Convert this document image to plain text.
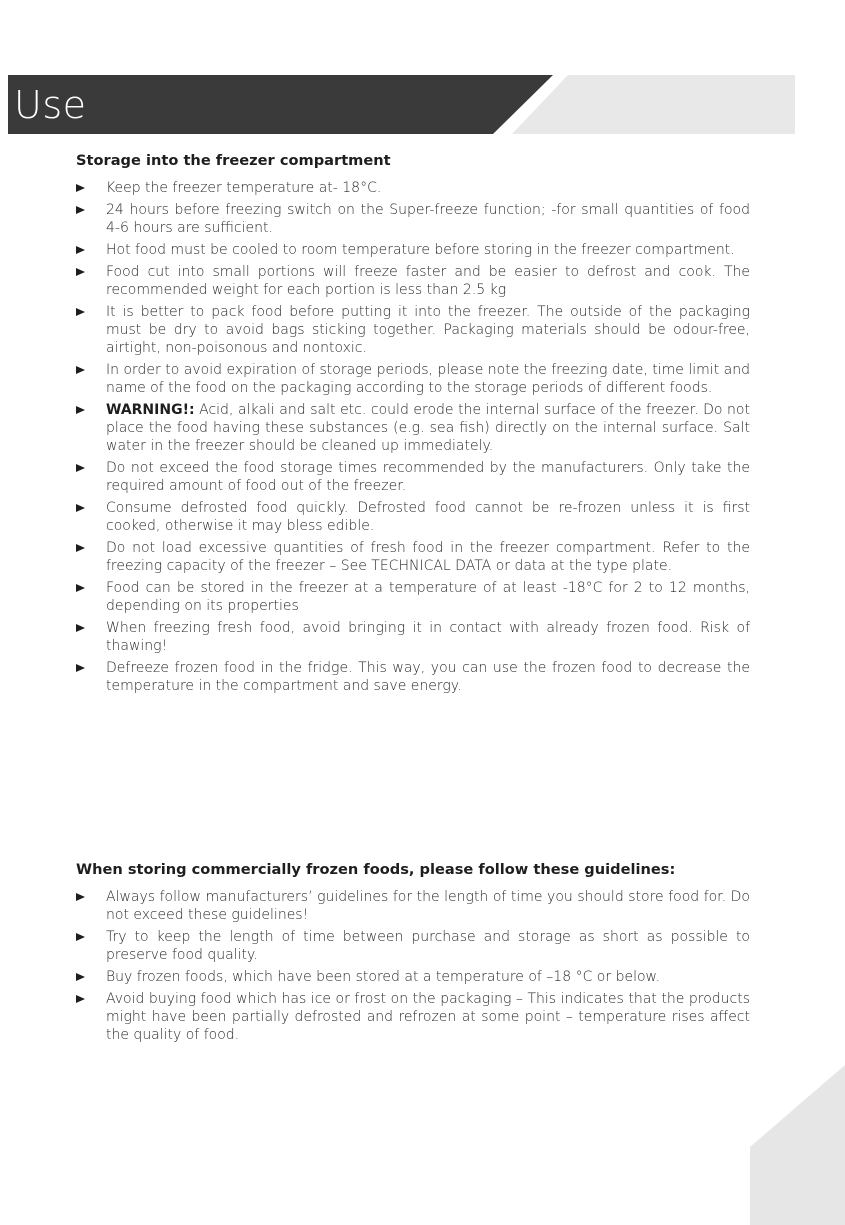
Use
Storage into the freezer compartment
Keep the freezer temperature at- 18°C.
24 hours before freezing switch on the Super-freeze function; -for small quantities of food 4-6 hours are sufficient.
Hot food must be cooled to room temperature before storing in the freezer compartment.
Food cut into small portions will freeze faster and be easier to defrost and cook. The recommended weight for each portion is less than 2.5 kg
It is better to pack food before putting it into the freezer. The outside of the packaging must be dry to avoid bags sticking together. Packaging materials should be odour-free, airtight, non-poisonous and nontoxic.
In order to avoid expiration of storage periods, please note the freezing date, time limit and name of the food on the packaging according to the storage periods of different foods.
WARNING!: Acid, alkali and salt etc. could erode the internal surface of the freezer. Do not place the food having these substances (e.g. sea fish) directly on the internal surface. Salt water in the freezer should be cleaned up immediately.
Do not exceed the food storage times recommended by the manufacturers. Only take the required amount of food out of the freezer.
Consume defrosted food quickly. Defrosted food cannot be re-frozen unless it is first cooked, otherwise it may bless edible.
Do not load excessive quantities of fresh food in the freezer compartment. Refer to the freezing capacity of the freezer – See TECHNICAL DATA or data at the type plate.
Food can be stored in the freezer at a temperature of at least -18°C for 2 to 12 months, depending on its properties
When freezing fresh food, avoid bringing it in contact with already frozen food. Risk of thawing!
Defreeze frozen food in the fridge. This way, you can use the frozen food to decrease the temperature in the compartment and save energy.
When storing commercially frozen foods, please follow these guidelines:
Always follow manufacturers’ guidelines for the length of time you should store food for. Do not exceed these guidelines!
Try to keep the length of time between purchase and storage as short as possible to preserve food quality.
Buy frozen foods, which have been stored at a temperature of –18 °C or below.
Avoid buying food which has ice or frost on the packaging – This indicates that the products might have been partially defrosted and refrozen at some point – temperature rises affect the quality of food.
